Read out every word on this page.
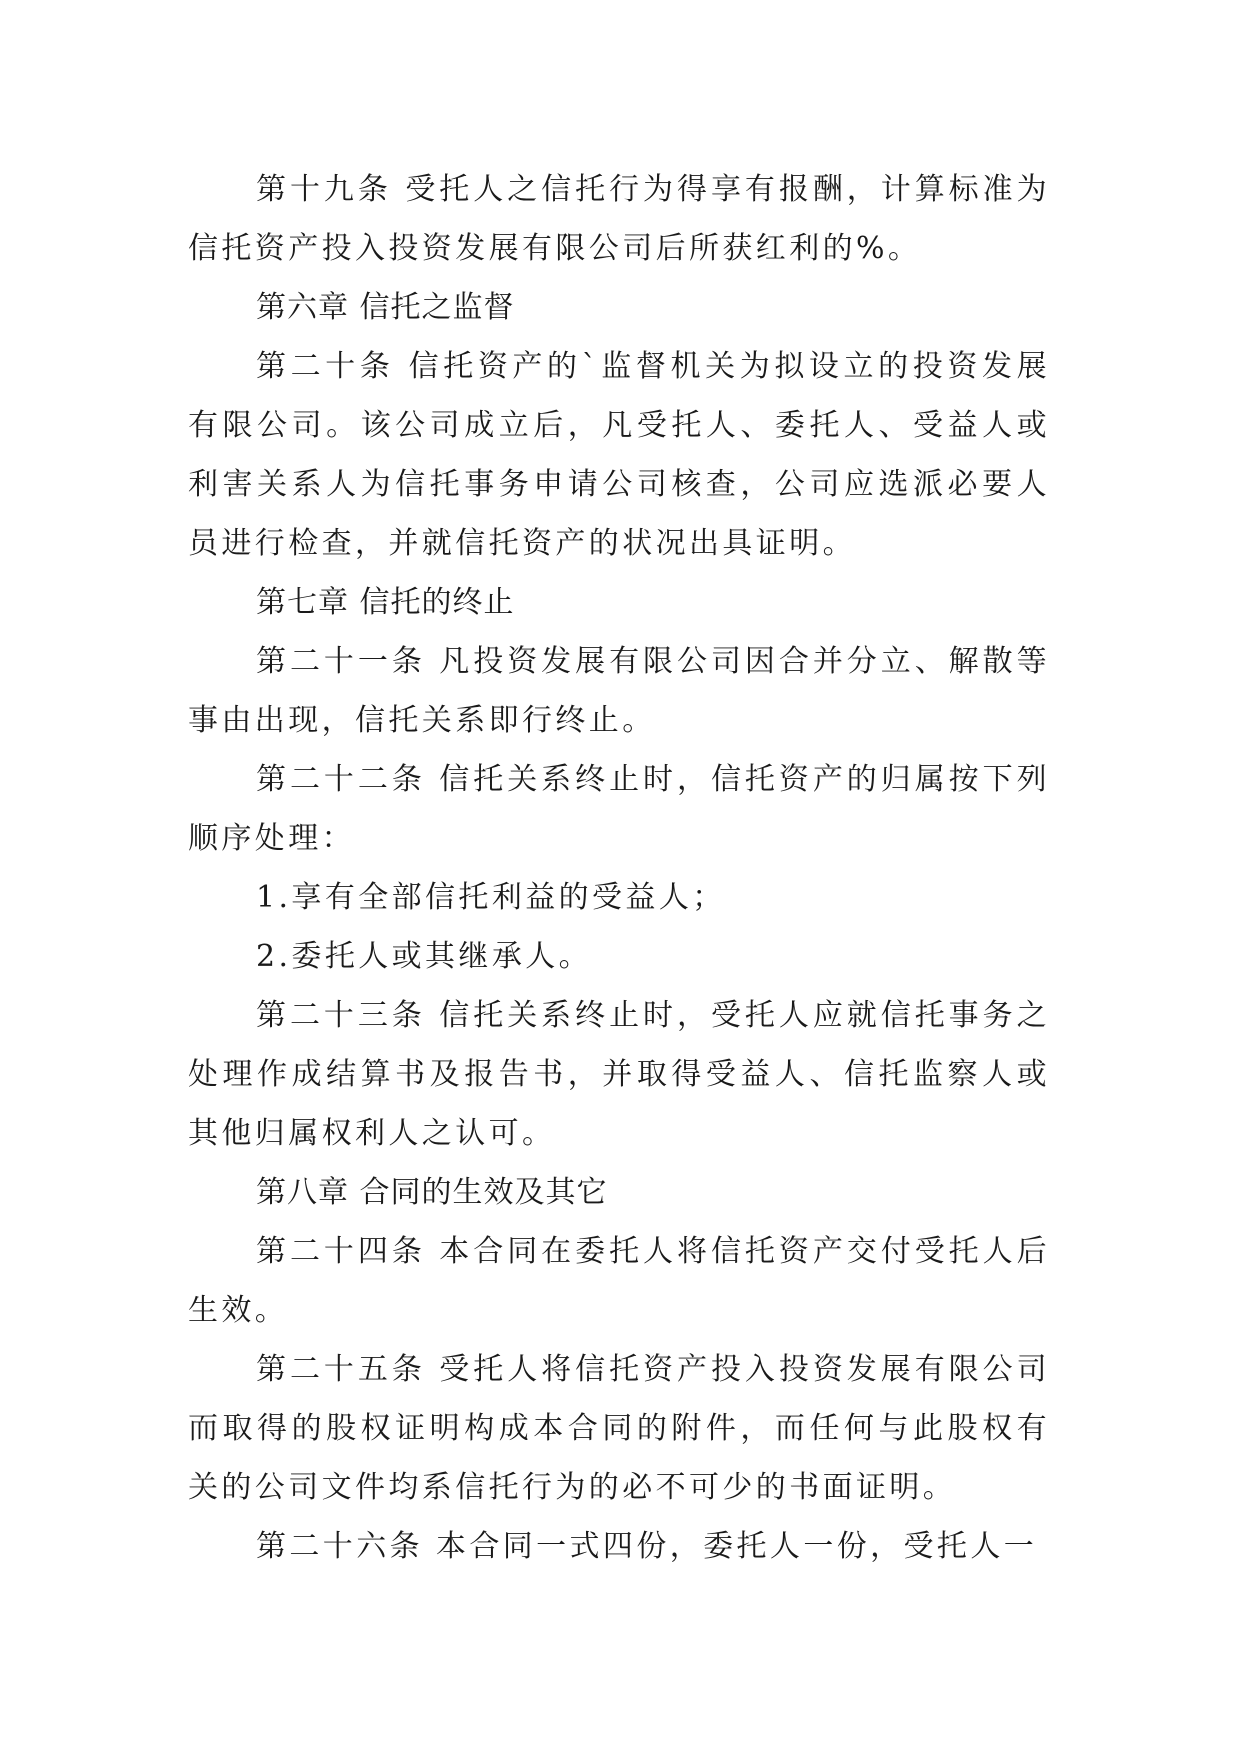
第十九条 受托人之信托行为得享有报酬，计算标准为信托资产投入投资发展有限公司后所获红利的%。

第六章 信托之监督

第二十条 信托资产的`监督机关为拟设立的投资发展有限公司。该公司成立后，凡受托人、委托人、受益人或利害关系人为信托事务申请公司核查，公司应选派必要人员进行检查，并就信托资产的状况出具证明。

第七章 信托的终止

第二十一条 凡投资发展有限公司因合并分立、解散等事由出现，信托关系即行终止。

第二十二条 信托关系终止时，信托资产的归属按下列顺序处理：

1.享有全部信托利益的受益人；

2.委托人或其继承人。

第二十三条 信托关系终止时，受托人应就信托事务之处理作成结算书及报告书，并取得受益人、信托监察人或其他归属权利人之认可。

第八章 合同的生效及其它

第二十四条 本合同在委托人将信托资产交付受托人后生效。

第二十五条 受托人将信托资产投入投资发展有限公司而取得的股权证明构成本合同的附件，而任何与此股权有关的公司文件均系信托行为的必不可少的书面证明。

第二十六条 本合同一式四份，委托人一份，受托人一
